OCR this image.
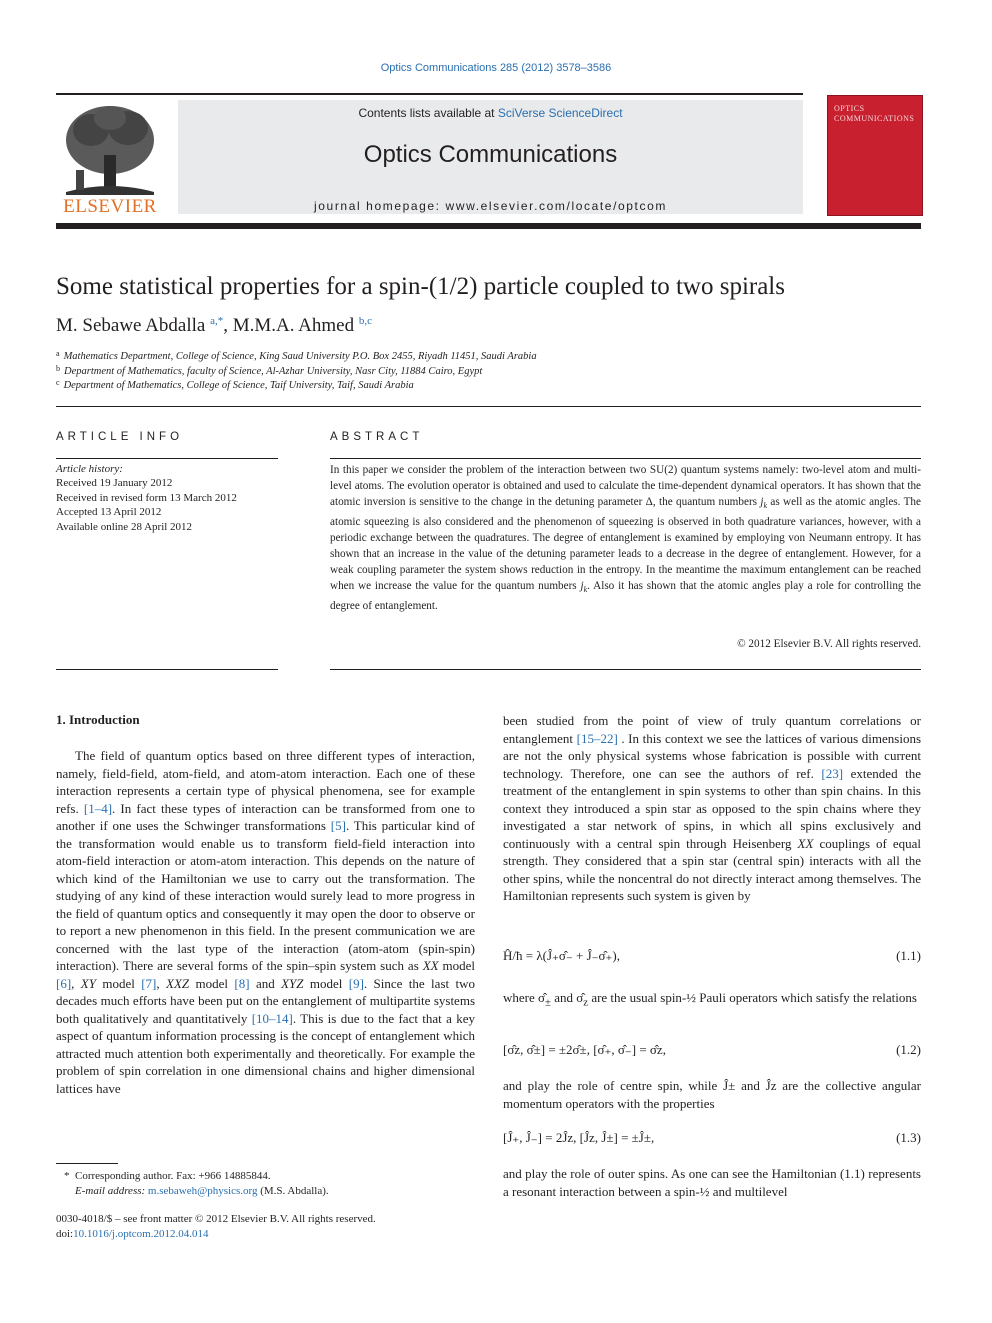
Optics Communications 285 (2012) 3578–3586
ELSEVIER
Contents lists available at SciVerse ScienceDirect
Optics Communications
journal homepage: www.elsevier.com/locate/optcom
OPTICS
COMMUNICATIONS
Some statistical properties for a spin-(1/2) particle coupled to two spirals
M. Sebawe Abdalla $^{a,*}$, M.M.A. Ahmed $^{b,c}$
$^a$ Mathematics Department, College of Science, King Saud University P.O. Box 2455, Riyadh 11451, Saudi Arabia
$^b$ Department of Mathematics, faculty of Science, Al-Azhar University, Nasr City, 11884 Cairo, Egypt
$^c$ Department of Mathematics, College of Science, Taif University, Taif, Saudi Arabia
ARTICLE INFO
Article history:
Received 19 January 2012
Received in revised form 13 March 2012
Accepted 13 April 2012
Available online 28 April 2012
ABSTRACT
In this paper we consider the problem of the interaction between two SU(2) quantum systems namely: two-level atom and multi-level atoms. The evolution operator is obtained and used to calculate the time-dependent dynamical operators. It has shown that the atomic inversion is sensitive to the change in the detuning parameter Δ, the quantum numbers $j_k$ as well as the atomic angles. The atomic squeezing is also considered and the phenomenon of squeezing is observed in both quadrature variances, however, with a periodic exchange between the quadratures. The degree of entanglement is examined by employing von Neumann entropy. It has shown that an increase in the value of the detuning parameter leads to a decrease in the degree of entanglement. However, for a weak coupling parameter the system shows reduction in the entropy. In the meantime the maximum entanglement can be reached when we increase the value for the quantum numbers $j_k$. Also it has shown that the atomic angles play a role for controlling the degree of entanglement.
© 2012 Elsevier B.V. All rights reserved.
1. Introduction

The field of quantum optics based on three different types of interaction, namely, field-field, atom-field, and atom-atom interaction. Each one of these interaction represents a certain type of physical phenomena, see for example refs. [1–4]. In fact these types of interaction can be transformed from one to another if one uses the Schwinger transformations [5]. This particular kind of the transformation would enable us to transform field-field interaction into atom-field interaction or atom-atom interaction. This depends on the nature of which kind of the Hamiltonian we use to carry out the transformation. The studying of any kind of these interaction would surely lead to more progress in the field of quantum optics and consequently it may open the door to observe or to report a new phenomenon in this field. In the present communication we are concerned with the last type of the interaction (atom-atom (spin-spin) interaction). There are several forms of the spin–spin system such as XX model [6], XY model [7], XXZ model [8] and XYZ model [9]. Since the last two decades much efforts have been put on the entanglement of multipartite systems both qualitatively and quantitatively [10–14]. This is due to the fact that a key aspect of quantum information processing is the concept of entanglement which attracted much attention both experimentally and theoretically. For example the problem of spin correlation in one dimensional chains and higher dimensional lattices have

been studied from the point of view of truly quantum correlations or entanglement [15–22] . In this context we see the lattices of various dimensions are not the only physical systems whose fabrication is possible with current technology. Therefore, one can see the authors of ref. [23] extended the treatment of the entanglement in spin systems to other than spin chains. In this context they introduced a spin star as opposed to the spin chains where they investigated a star network of spins, in which all spins exclusively and continuously with a central spin through Heisenberg XX couplings of equal strength. They considered that a spin star (central spin) interacts with all the other spins, while the noncentral do not directly interact among themselves. The Hamiltonian represents such system is given by

Ĥ/ħ = λ(Ĵ₊σ̂₋ + Ĵ₋σ̂₊),	(1.1)

where $\sigmâ_\pm$ and $\sigmâ_z$ are the usual spin-½ Pauli operators which satisfy the relations

[σ̂z, σ̂±] = ±2σ̂±, [σ̂₊, σ̂₋] = σ̂z,	(1.2)

and play the role of centre spin, while Ĵ± and Ĵz are the collective angular momentum operators with the properties

[Ĵ₊, Ĵ₋] = 2Ĵz, [Ĵz, Ĵ±] = ±Ĵ±,	(1.3)

and play the role of outer spins. As one can see the Hamiltonian (1.1) represents a resonant interaction between a spin-½ and multilevel

* Corresponding author. Fax: +966 14885844.
E-mail address: m.sebaweh@physics.org (M.S. Abdalla).
0030-4018/$ – see front matter © 2012 Elsevier B.V. All rights reserved.
doi:10.1016/j.optcom.2012.04.014
